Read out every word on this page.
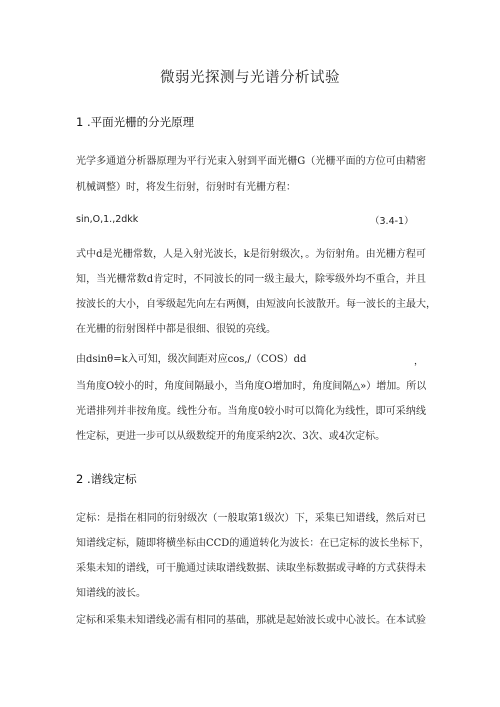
微弱光探测与光谱分析试验
1 .平面光栅的分光原理
光学多通道分析器原理为平行光束入射到平面光栅G（光栅平面的方位可由精密
机械调整）时，将发生衍射，衍射时有光栅方程：
sin,O,1.,2dkk	（3.4-1）
式中d是光栅常数，人是入射光波长，k是衍射级次，。为衍射角。由光栅方程可
知，当光栅常数d肯定时，不同波长的同一级主最大，除零级外均不重合，并且
按波长的大小，自零级起先向左右两侧，由短波向长波散开。每一波长的主最大，
在光栅的衍射图样中都是很细、很锐的亮线。
由dsinθ=k入可知，级次间距对应cos,/（COS）dd	，
当角度O较小的时，角度间隔最小，当角度O增加时，角度间隔△»）增加。所以
光谱排列并非按角度。线性分布。当角度0较小时可以简化为线性，即可采纳线
性定标，更进一步可以从级数绽开的角度采纳2次、3次、或4次定标。
2 .谱线定标
定标：是指在相同的衍射级次（一般取第1级次）下，采集已知谱线，然后对已
知谱线定标，随即将横坐标由CCD的通道转化为波长：在已定标的波长坐标下，
采集未知的谱线，可干脆通过读取谱线数据、读取坐标数据或寻峰的方式获得未
知谱线的波长。
定标和采集未知谱线必需有相同的基础，那就是起始波长或中心波长。在本试验
